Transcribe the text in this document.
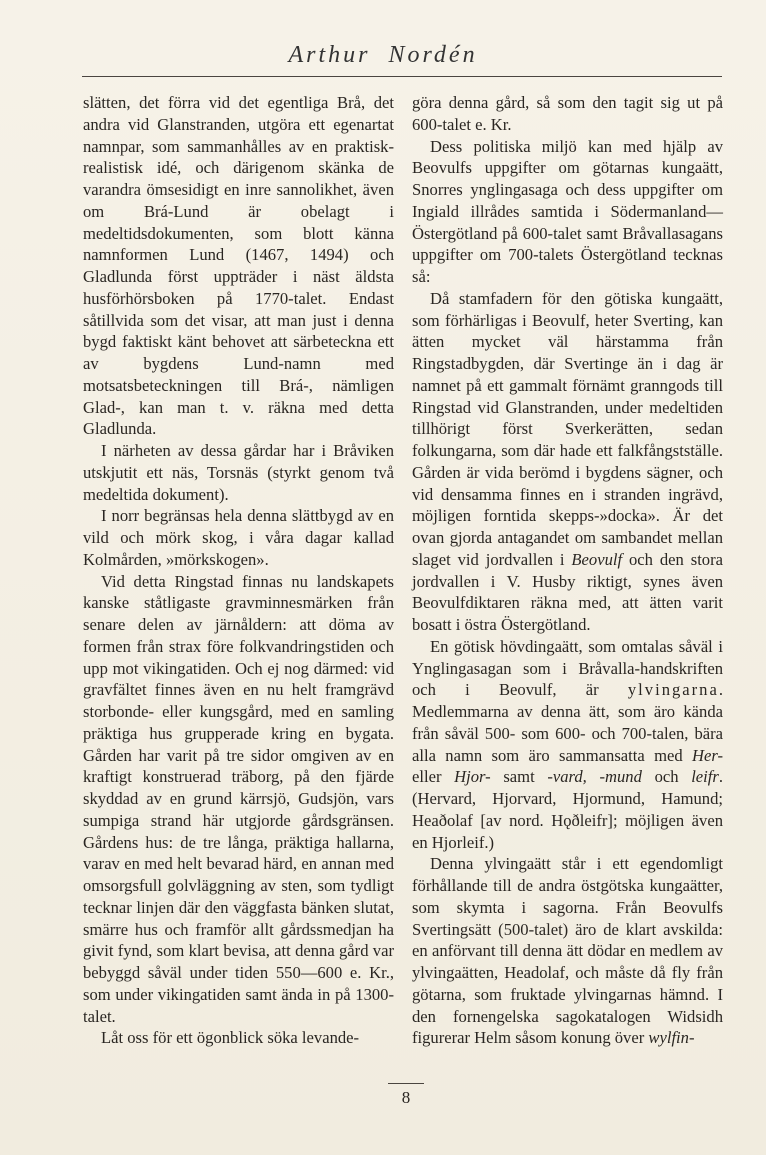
Arthur Nordén

slätten, det förra vid det egentliga Brå, det andra vid Glanstranden, utgöra ett egenartat namnpar, som sammanhålles av en praktisk-realistisk idé, och därigenom skänka de varandra ömsesidigt en inre sannolikhet, även om Brá-Lund är obelagt i medeltidsdokumenten, som blott känna namnformen Lund (1467, 1494) och Gladlunda först uppträder i näst äldsta husförhörsboken på 1770-talet. Endast såtillvida som det visar, att man just i denna bygd faktiskt känt behovet att särbeteckna ett av bygdens Lund-namn med motsatsbeteckningen till Brá-, nämligen Glad-, kan man t. v. räkna med detta Gladlunda.

I närheten av dessa gårdar har i Bråviken utskjutit ett näs, Torsnäs (styrkt genom två medeltida dokument).

I norr begränsas hela denna slättbygd av en vild och mörk skog, i våra dagar kallad Kolmården, »mörkskogen».

Vid detta Ringstad finnas nu landskapets kanske ståtligaste gravminnesmärken från senare delen av järnåldern: att döma av formen från strax före folkvandringstiden och upp mot vikingatiden. Och ej nog därmed: vid gravfältet finnes även en nu helt framgrävd storbonde- eller kungsgård, med en samling präktiga hus grupperade kring en bygata. Gården har varit på tre sidor omgiven av en kraftigt konstruerad träborg, på den fjärde skyddad av en grund kärrsjö, Gudsjön, vars sumpiga strand här utgjorde gårdsgränsen. Gårdens hus: de tre långa, präktiga hallarna, varav en med helt bevarad härd, en annan med omsorgsfull golvläggning av sten, som tydligt tecknar linjen där den väggfasta bänken slutat, smärre hus och framför allt gårdssmedjan ha givit fynd, som klart bevisa, att denna gård var bebyggd såväl under tiden 550—600 e. Kr., som under vikingatiden samt ända in på 1300-talet.

Låt oss för ett ögonblick söka levande-

göra denna gård, så som den tagit sig ut på 600-talet e. Kr.

Dess politiska miljö kan med hjälp av Beovulfs uppgifter om götarnas kungaätt, Snorres ynglingasaga och dess uppgifter om Ingiald illrådes samtida i Södermanland—Östergötland på 600-talet samt Bråvallasagans uppgifter om 700-talets Östergötland tecknas så:

Då stamfadern för den götiska kungaätt, som förhärligas i Beovulf, heter Sverting, kan ätten mycket väl härstamma från Ringstadbygden, där Svertinge än i dag är namnet på ett gammalt förnämt granngods till Ringstad vid Glanstranden, under medeltiden tillhörigt först Sverkerätten, sedan folkungarna, som där hade ett falkfångstställe. Gården är vida berömd i bygdens sägner, och vid densamma finnes en i stranden ingrävd, möjligen forntida skepps-»docka». Är det ovan gjorda antagandet om sambandet mellan slaget vid jordvallen i Beovulf och den stora jordvallen i V. Husby riktigt, synes även Beovulfdiktaren räkna med, att ätten varit bosatt i östra Östergötland.

En götisk hövdingaätt, som omtalas såväl i Ynglingasagan som i Bråvalla-handskriften och i Beovulf, är ylvingarna. Medlemmarna av denna ätt, som äro kända från såväl 500- som 600- och 700-talen, bära alla namn som äro sammansatta med Her- eller Hjor- samt -vard, -mund och leifr. (Hervard, Hjorvard, Hjormund, Hamund; Heaðolaf [av nord. Hǫðleifr]; möjligen även en Hjorleif.)

Denna ylvingaätt står i ett egendomligt förhållande till de andra östgötska kungaätter, som skymta i sagorna. Från Beovulfs Svertingsätt (500-talet) äro de klart avskilda: en anförvant till denna ätt dödar en medlem av ylvingaätten, Headolaf, och måste då fly från götarna, som fruktade ylvingarnas hämnd. I den fornengelska sagokatalogen Widsidh figurerar Helm såsom konung över wylfin-

8
